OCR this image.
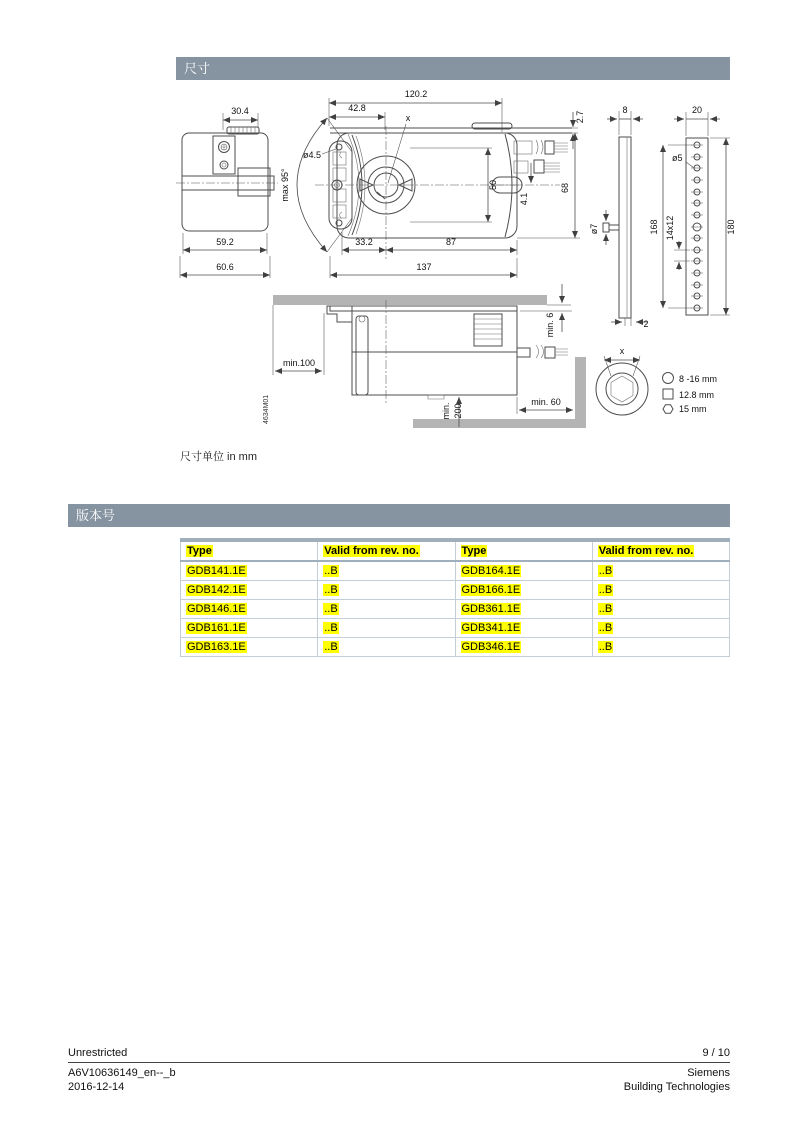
尺寸
30.4
59.2
60.6
max 95°
ø4.5
120.2
42.8
x	2.7
68
4.1
50
33.2	87
137
ø7
8
2
20
ø5
168	180
14x12
min. 6
min.100
4634M01	min. 200
min. 60
x
8 -16 mm
12.8 mm
15 mm
尺寸单位 in mm
版本号
Type	Valid from rev. no.	Type	Valid from rev. no.
GDB141.1E	..B	GDB164.1E	..B
GDB142.1E	..B	GDB166.1E	..B
GDB146.1E	..B	GDB361.1E	..B
GDB161.1E	..B	GDB341.1E	..B
GDB163.1E	..B	GDB346.1E	..B
Unrestricted	9 / 10
A6V10636149_en--_b	Siemens
2016-12-14	Building Technologies
